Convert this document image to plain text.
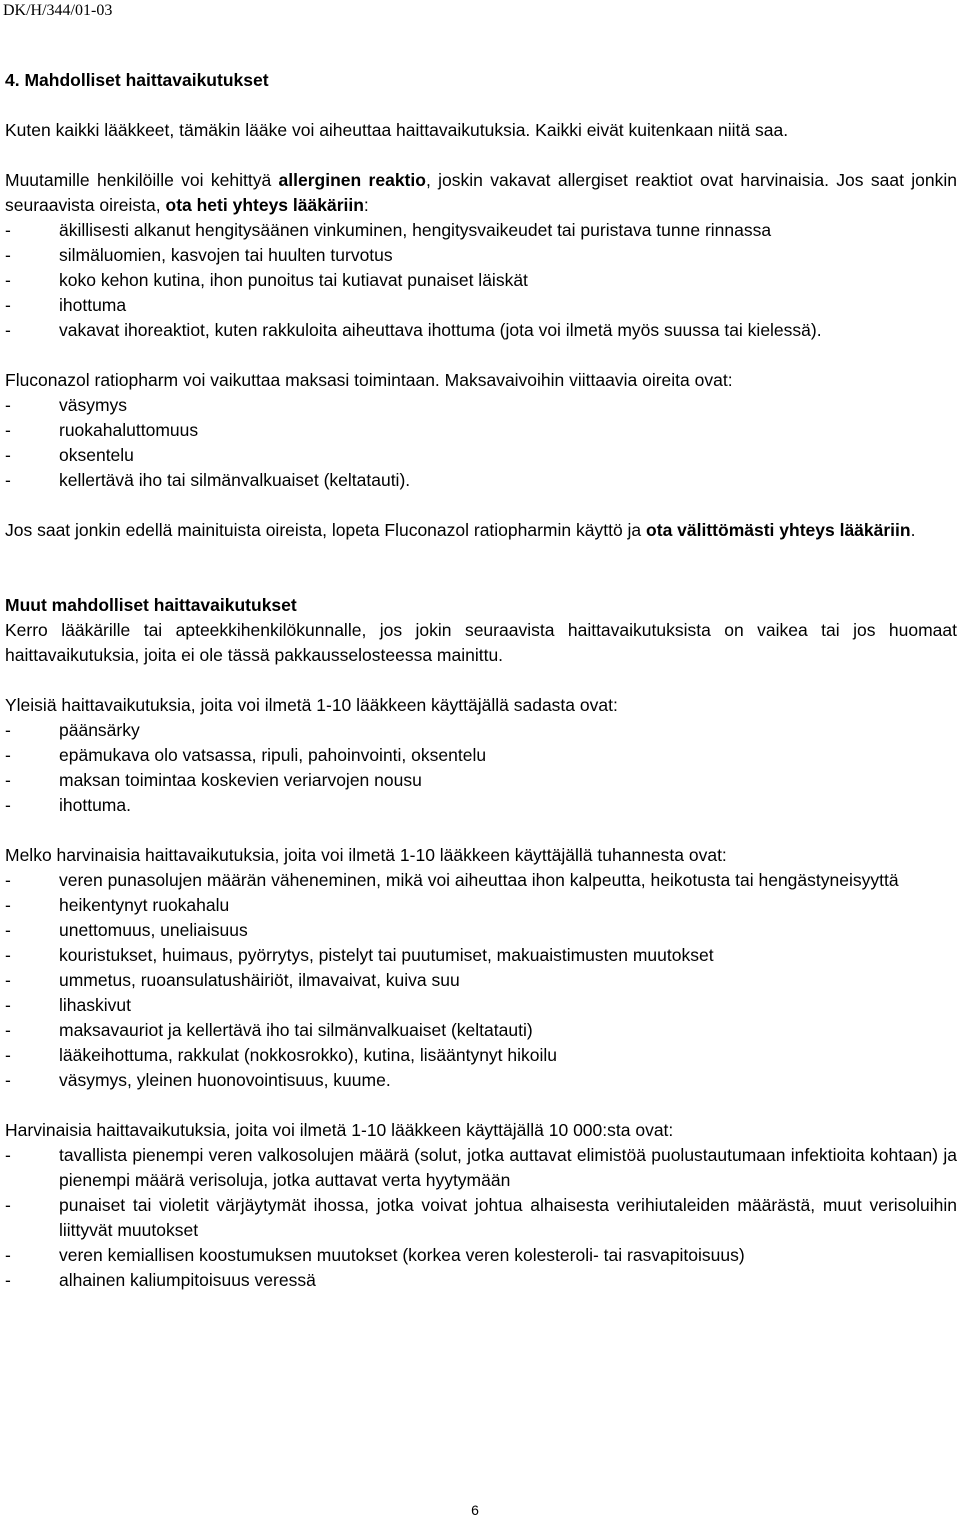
DK/H/344/01-03

4. Mahdolliset haittavaikutukset

Kuten kaikki lääkkeet, tämäkin lääke voi aiheuttaa haittavaikutuksia. Kaikki eivät kuitenkaan niitä saa.

Muutamille henkilöille voi kehittyä allerginen reaktio, joskin vakavat allergiset reaktiot ovat harvinaisia. Jos saat jonkin seuraavista oireista, ota heti yhteys lääkäriin:

-	äkillisesti alkanut hengitysäänen vinkuminen, hengitysvaikeudet tai puristava tunne rinnassa
-	silmäluomien, kasvojen tai huulten turvotus
-	koko kehon kutina, ihon punoitus tai kutiavat punaiset läiskät
-	ihottuma
-	vakavat ihoreaktiot, kuten rakkuloita aiheuttava ihottuma (jota voi ilmetä myös suussa tai kielessä).

Fluconazol ratiopharm voi vaikuttaa maksasi toimintaan. Maksavaivoihin viittaavia oireita ovat:

-	väsymys
-	ruokahaluttomuus
-	oksentelu
-	kellertävä iho tai silmänvalkuaiset (keltatauti).

Jos saat jonkin edellä mainituista oireista, lopeta Fluconazol ratiopharmin käyttö ja ota välittömästi yhteys lääkäriin.

Muut mahdolliset haittavaikutukset

Kerro lääkärille tai apteekkihenkilökunnalle, jos jokin seuraavista haittavaikutuksista on vaikea tai jos huomaat haittavaikutuksia, joita ei ole tässä pakkausselosteessa mainittu.

Yleisiä haittavaikutuksia, joita voi ilmetä 1-10 lääkkeen käyttäjällä sadasta ovat:

-	päänsärky
-	epämukava olo vatsassa, ripuli, pahoinvointi, oksentelu
-	maksan toimintaa koskevien veriarvojen nousu
-	ihottuma.

Melko harvinaisia haittavaikutuksia, joita voi ilmetä 1-10 lääkkeen käyttäjällä tuhannesta ovat:

-	veren punasolujen määrän väheneminen, mikä voi aiheuttaa ihon kalpeutta, heikotusta tai hengästyneisyyttä
-	heikentynyt ruokahalu
-	unettomuus, uneliaisuus
-	kouristukset, huimaus, pyörrytys, pistelyt tai puutumiset, makuaistimusten muutokset
-	ummetus, ruoansulatushäiriöt, ilmavaivat, kuiva suu
-	lihaskivut
-	maksavauriot ja kellertävä iho tai silmänvalkuaiset (keltatauti)
-	lääkeihottuma, rakkulat (nokkosrokko), kutina, lisääntynyt hikoilu
-	väsymys, yleinen huonovointisuus, kuume.

Harvinaisia haittavaikutuksia, joita voi ilmetä 1-10 lääkkeen käyttäjällä 10 000:sta ovat:

-	tavallista pienempi veren valkosolujen määrä (solut, jotka auttavat elimistöä puolustautumaan infektioita kohtaan) ja pienempi määrä verisoluja, jotka auttavat verta hyytymään
-	punaiset tai violetit värjäytymät ihossa, jotka voivat johtua alhaisesta verihiutaleiden määrästä, muut verisoluihin liittyvät muutokset
-	veren kemiallisen koostumuksen muutokset (korkea veren kolesteroli- tai rasvapitoisuus)
-	alhainen kaliumpitoisuus veressä
6
